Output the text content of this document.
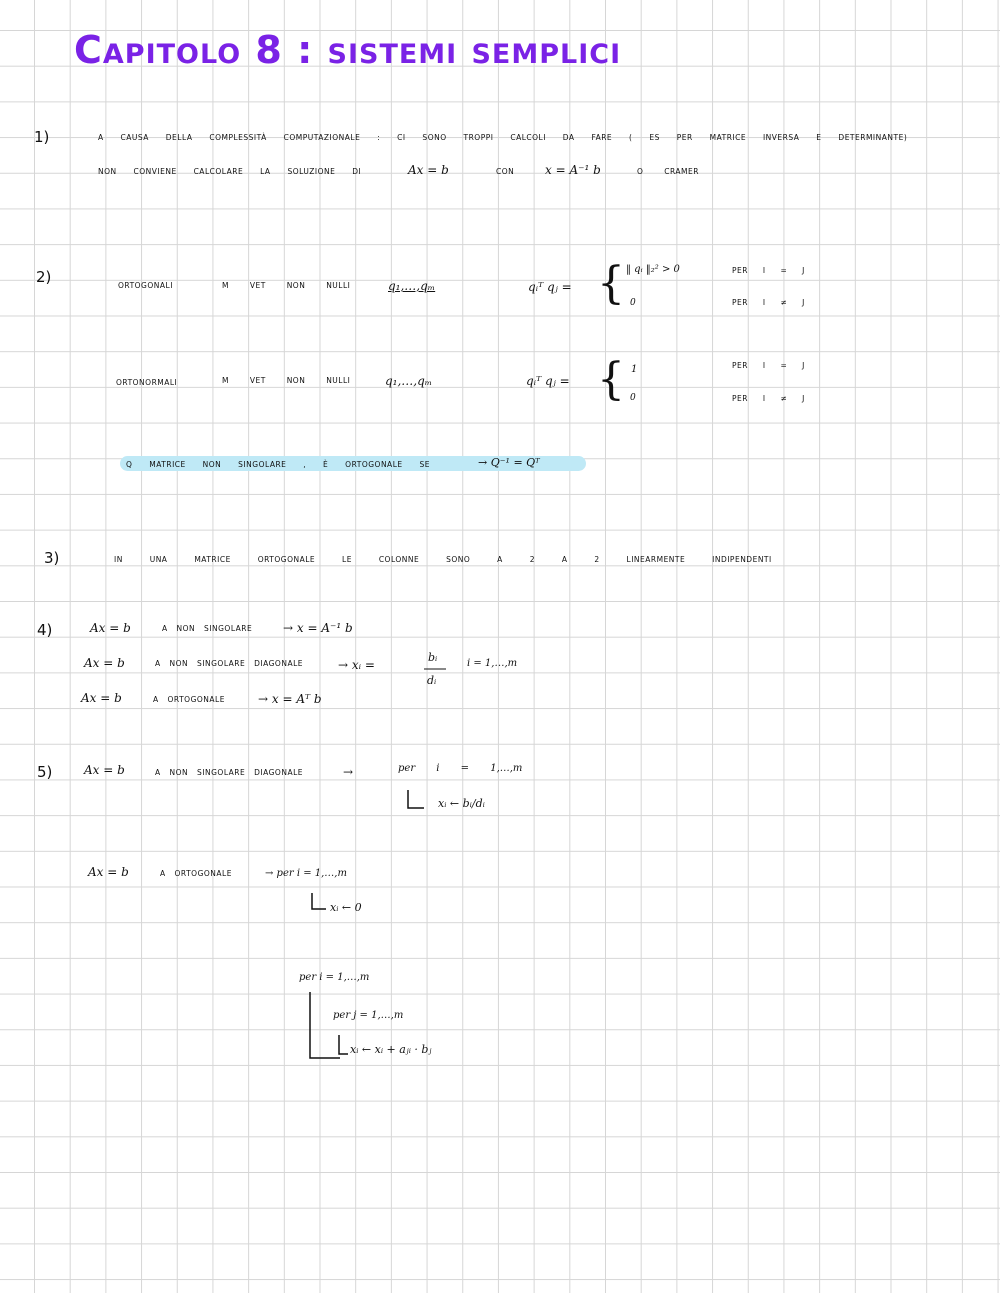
Capitolo 8 : sistemi semplici
1)	A CAUSA DELLA COMPLESSITÀ COMPUTAZIONALE : CI SONO TROPPI CALCOLI DA FARE ( ES PER MATRICE INVERSA E DETERMINANTE)
NON CONVIENE CALCOLARE LA SOLUZIONE DI	Ax = b	CON	x = A⁻¹ b	O CRAMER
2)	ORTOGONALI	M VET NON NULLI	q₁,…,qₘ	qᵢᵀ qⱼ = { ‖ qᵢ ‖₂² > 0	PER I = J
0	PER I ≠ J
ORTONORMALI	M VET NON NULLI	q₁,…,qₘ	qᵢᵀ qⱼ = { 1	PER I = J
0	PER I ≠ J
Q MATRICE NON SINGOLARE , È ORTOGONALE SE	→ Q⁻¹ = Qᵀ
3)	IN UNA MATRICE ORTOGONALE LE COLONNE SONO A 2 A 2 LINEARMENTE INDIPENDENTI
4)	Ax = b	A NON SINGOLARE	→ x = A⁻¹ b
Ax = b	A NON SINGOLARE DIAGONALE	→ xᵢ =
bᵢ
dᵢ
i = 1,…,m
Ax = b	A ORTOGONALE	→ x = Aᵀ b
5)	Ax = b	A NON SINGOLARE DIAGONALE	→	per i = 1,…,m
xᵢ ← bᵢ/dᵢ
Ax = b	A ORTOGONALE	→ per i = 1,…,m
xᵢ ← 0
per i = 1,…,m
per j = 1,…,m
xᵢ ← xᵢ + aⱼᵢ · bⱼ
